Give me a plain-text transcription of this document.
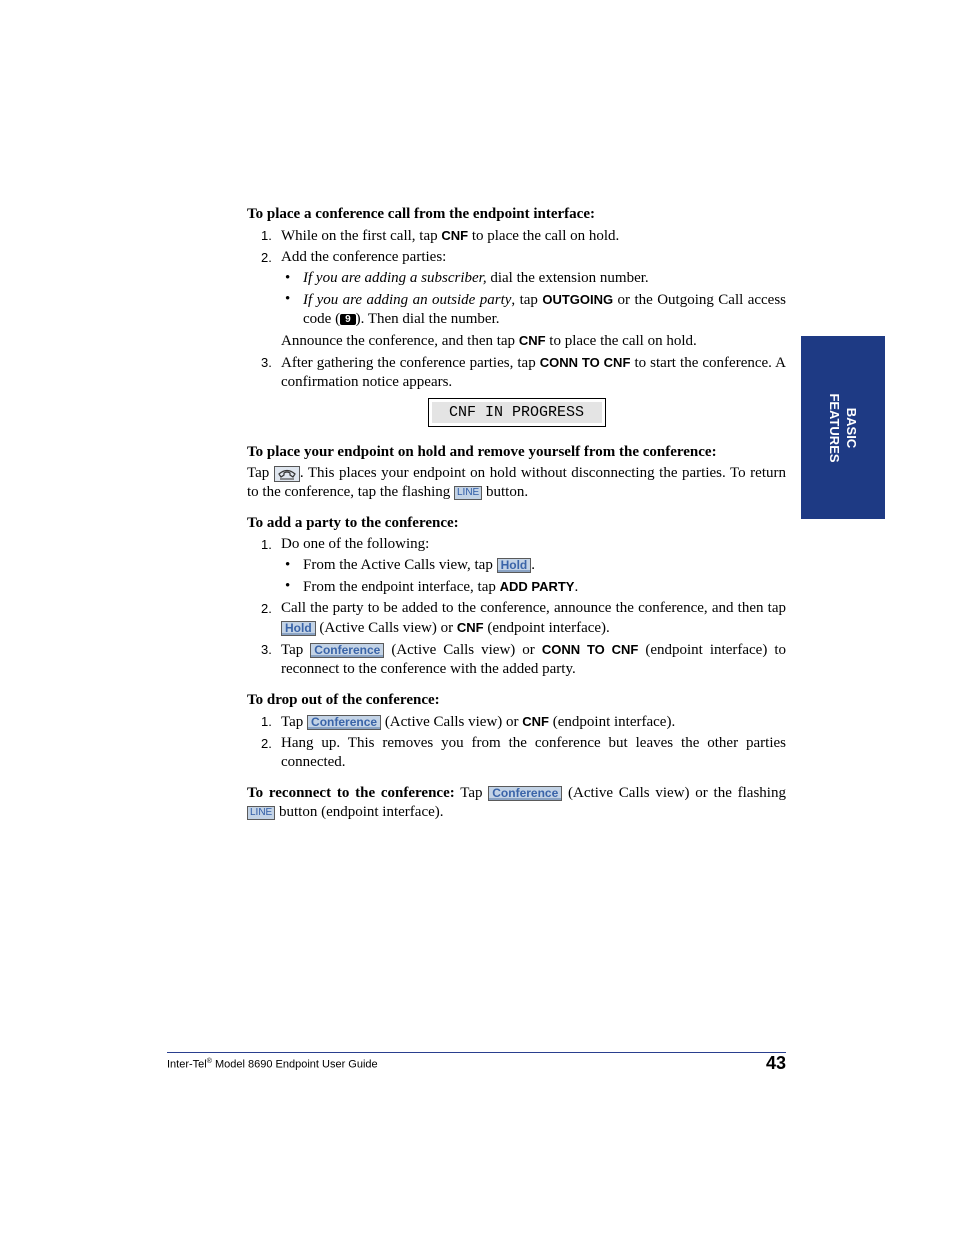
To place a conference call from the endpoint interface:

1. While on the first call, tap CNF to place the call on hold.
2. Add the conference parties:
• If you are adding a subscriber, dial the extension number.
• If you are adding an outside party, tap OUTGOING or the Outgoing Call access code ( 9 ). Then dial the number.
Announce the conference, and then tap CNF to place the call on hold.
3. After gathering the conference parties, tap CONN TO CNF to start the conference. A confirmation notice appears.
CNF IN PROGRESS

To place your endpoint on hold and remove yourself from the conference:

Tap
. This places your endpoint on hold without disconnecting the parties. To return to the conference, tap the flashing LINE button.

To add a party to the conference:

1. Do one of the following:
• From the Active Calls view, tap Hold .
• From the endpoint interface, tap ADD PARTY.
2. Call the party to be added to the conference, announce the conference, and then tap Hold (Active Calls view) or CNF (endpoint interface).
3. Tap Conference (Active Calls view) or CONN TO CNF (endpoint interface) to reconnect to the conference with the added party.

To drop out of the conference:

1. Tap Conference (Active Calls view) or CNF (endpoint interface).
2. Hang up. This removes you from the conference but leaves the other parties connected.
To reconnect to the conference: Tap Conference (Active Calls view) or the flashing LINE button (endpoint interface).
BASIC
FEATURES
Inter-Tel® Model 8690 Endpoint User Guide	43
